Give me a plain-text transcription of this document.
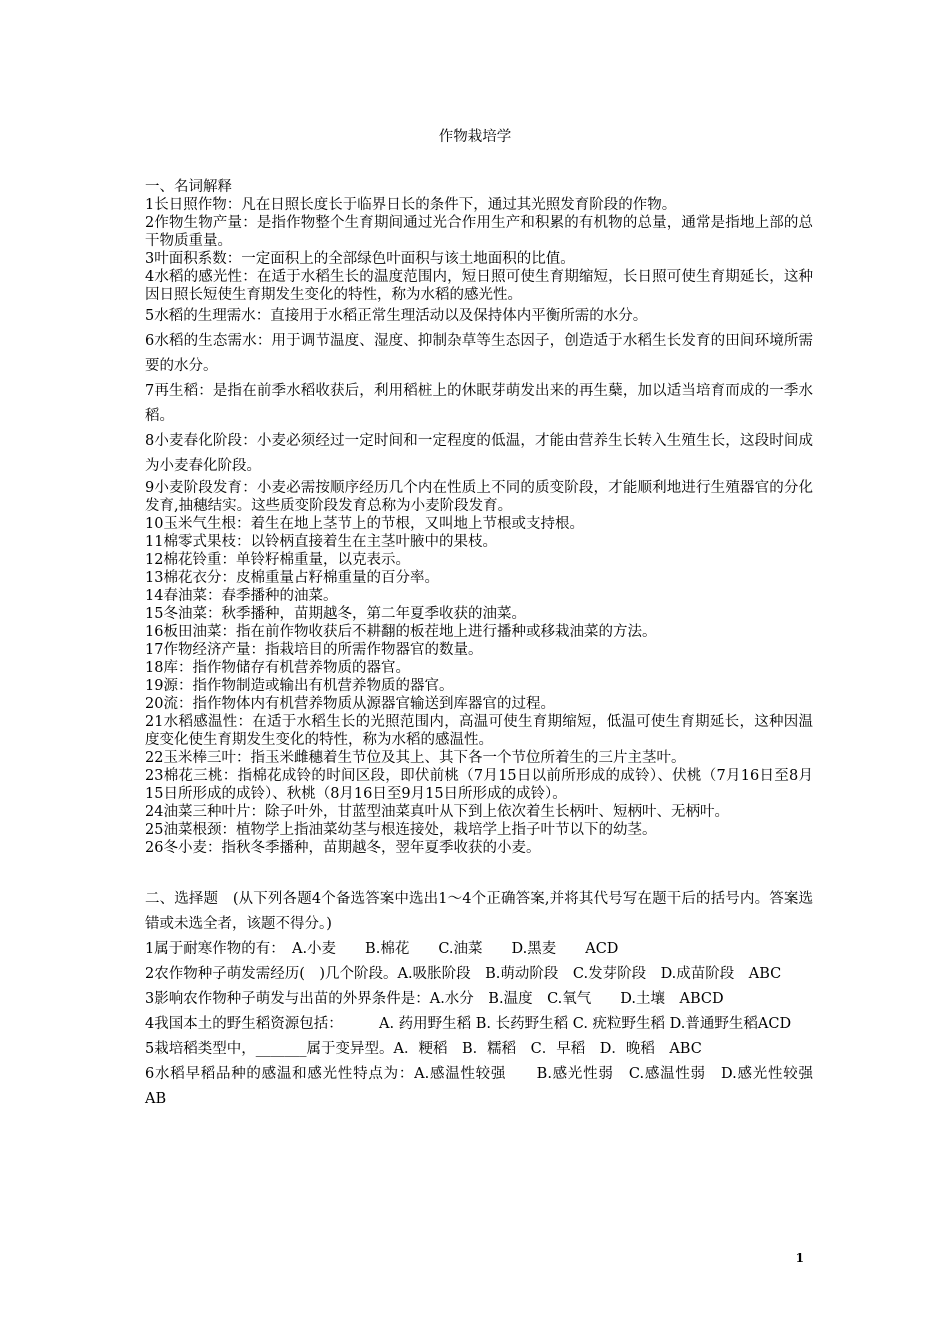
作物栽培学

一、名词解释

1长日照作物：凡在日照长度长于临界日长的条件下，通过其光照发育阶段的作物。

2作物生物产量：是指作物整个生育期间通过光合作用生产和积累的有机物的总量，通常是指地上部的总干物质重量。

3叶面积系数：一定面积上的全部绿色叶面积与该土地面积的比值。

4水稻的感光性：在适于水稻生长的温度范围内，短日照可使生育期缩短，长日照可使生育期延长，这种因日照长短使生育期发生变化的特性，称为水稻的感光性。

5水稻的生理需水：直接用于水稻正常生理活动以及保持体内平衡所需的水分。

6水稻的生态需水：用于调节温度、湿度、抑制杂草等生态因子，创造适于水稻生长发育的田间环境所需要的水分。

7再生稻：是指在前季水稻收获后，利用稻桩上的休眠芽萌发出来的再生蘖，加以适当培育而成的一季水稻。

8小麦春化阶段：小麦必须经过一定时间和一定程度的低温，才能由营养生长转入生殖生长，这段时间成为小麦春化阶段。

9小麦阶段发育：小麦必需按顺序经历几个内在性质上不同的质变阶段，才能顺利地进行生殖器官的分化发育,抽穗结实。这些质变阶段发育总称为小麦阶段发育。

10玉米气生根：着生在地上茎节上的节根，又叫地上节根或支持根。

11棉零式果枝：以铃柄直接着生在主茎叶腋中的果枝。

12棉花铃重：单铃籽棉重量，以克表示。

13棉花衣分：皮棉重量占籽棉重量的百分率。

14春油菜：春季播种的油菜。

15冬油菜：秋季播种，苗期越冬，第二年夏季收获的油菜。

16板田油菜：指在前作物收获后不耕翻的板茬地上进行播种或移栽油菜的方法。

17作物经济产量：指栽培目的所需作物器官的数量。

18库：指作物储存有机营养物质的器官。

19源：指作物制造或输出有机营养物质的器官。

20流：指作物体内有机营养物质从源器官输送到库器官的过程。

21水稻感温性：在适于水稻生长的光照范围内，高温可使生育期缩短，低温可使生育期延长，这种因温度变化使生育期发生变化的特性，称为水稻的感温性。

22玉米棒三叶：指玉米雌穗着生节位及其上、其下各一个节位所着生的三片主茎叶。

23棉花三桃：指棉花成铃的时间区段，即伏前桃（7月15日以前所形成的成铃）、伏桃（7月16日至8月15日所形成的成铃）、秋桃（8月16日至9月15日所形成的成铃）。

24油菜三种叶片：除子叶外，甘蓝型油菜真叶从下到上依次着生长柄叶、短柄叶、无柄叶。

25油菜根颈：植物学上指油菜幼茎与根连接处，栽培学上指子叶节以下的幼茎。

26冬小麦：指秋冬季播种，苗期越冬，翌年夏季收获的小麦。

二、选择题　(从下列各题4个备选答案中选出1～4个正确答案,并将其代号写在题干后的括号内。答案选错或未选全者，该题不得分。)

1属于耐寒作物的有：　A.小麦　　B.棉花　　C.油菜　　D.黑麦　　ACD

2农作物种子萌发需经历(　)几个阶段。A.吸胀阶段　B.萌动阶段　C.发芽阶段　D.成苗阶段　ABC

3影响农作物种子萌发与出苗的外界条件是：A.水分　B.温度　C.氧气　　D.土壤　ABCD

4我国本土的野生稻资源包括：　　　A. 药用野生稻 B. 长药野生稻 C. 疣粒野生稻 D.普通野生稻ACD

5栽培稻类型中，_______属于变异型。A．粳稻　B．糯稻　C．早稻　D．晚稻　ABC

6水稻早稻品种的感温和感光性特点为：A.感温性较强　　B.感光性弱　C.感温性弱　D.感光性较强　　AB

1
